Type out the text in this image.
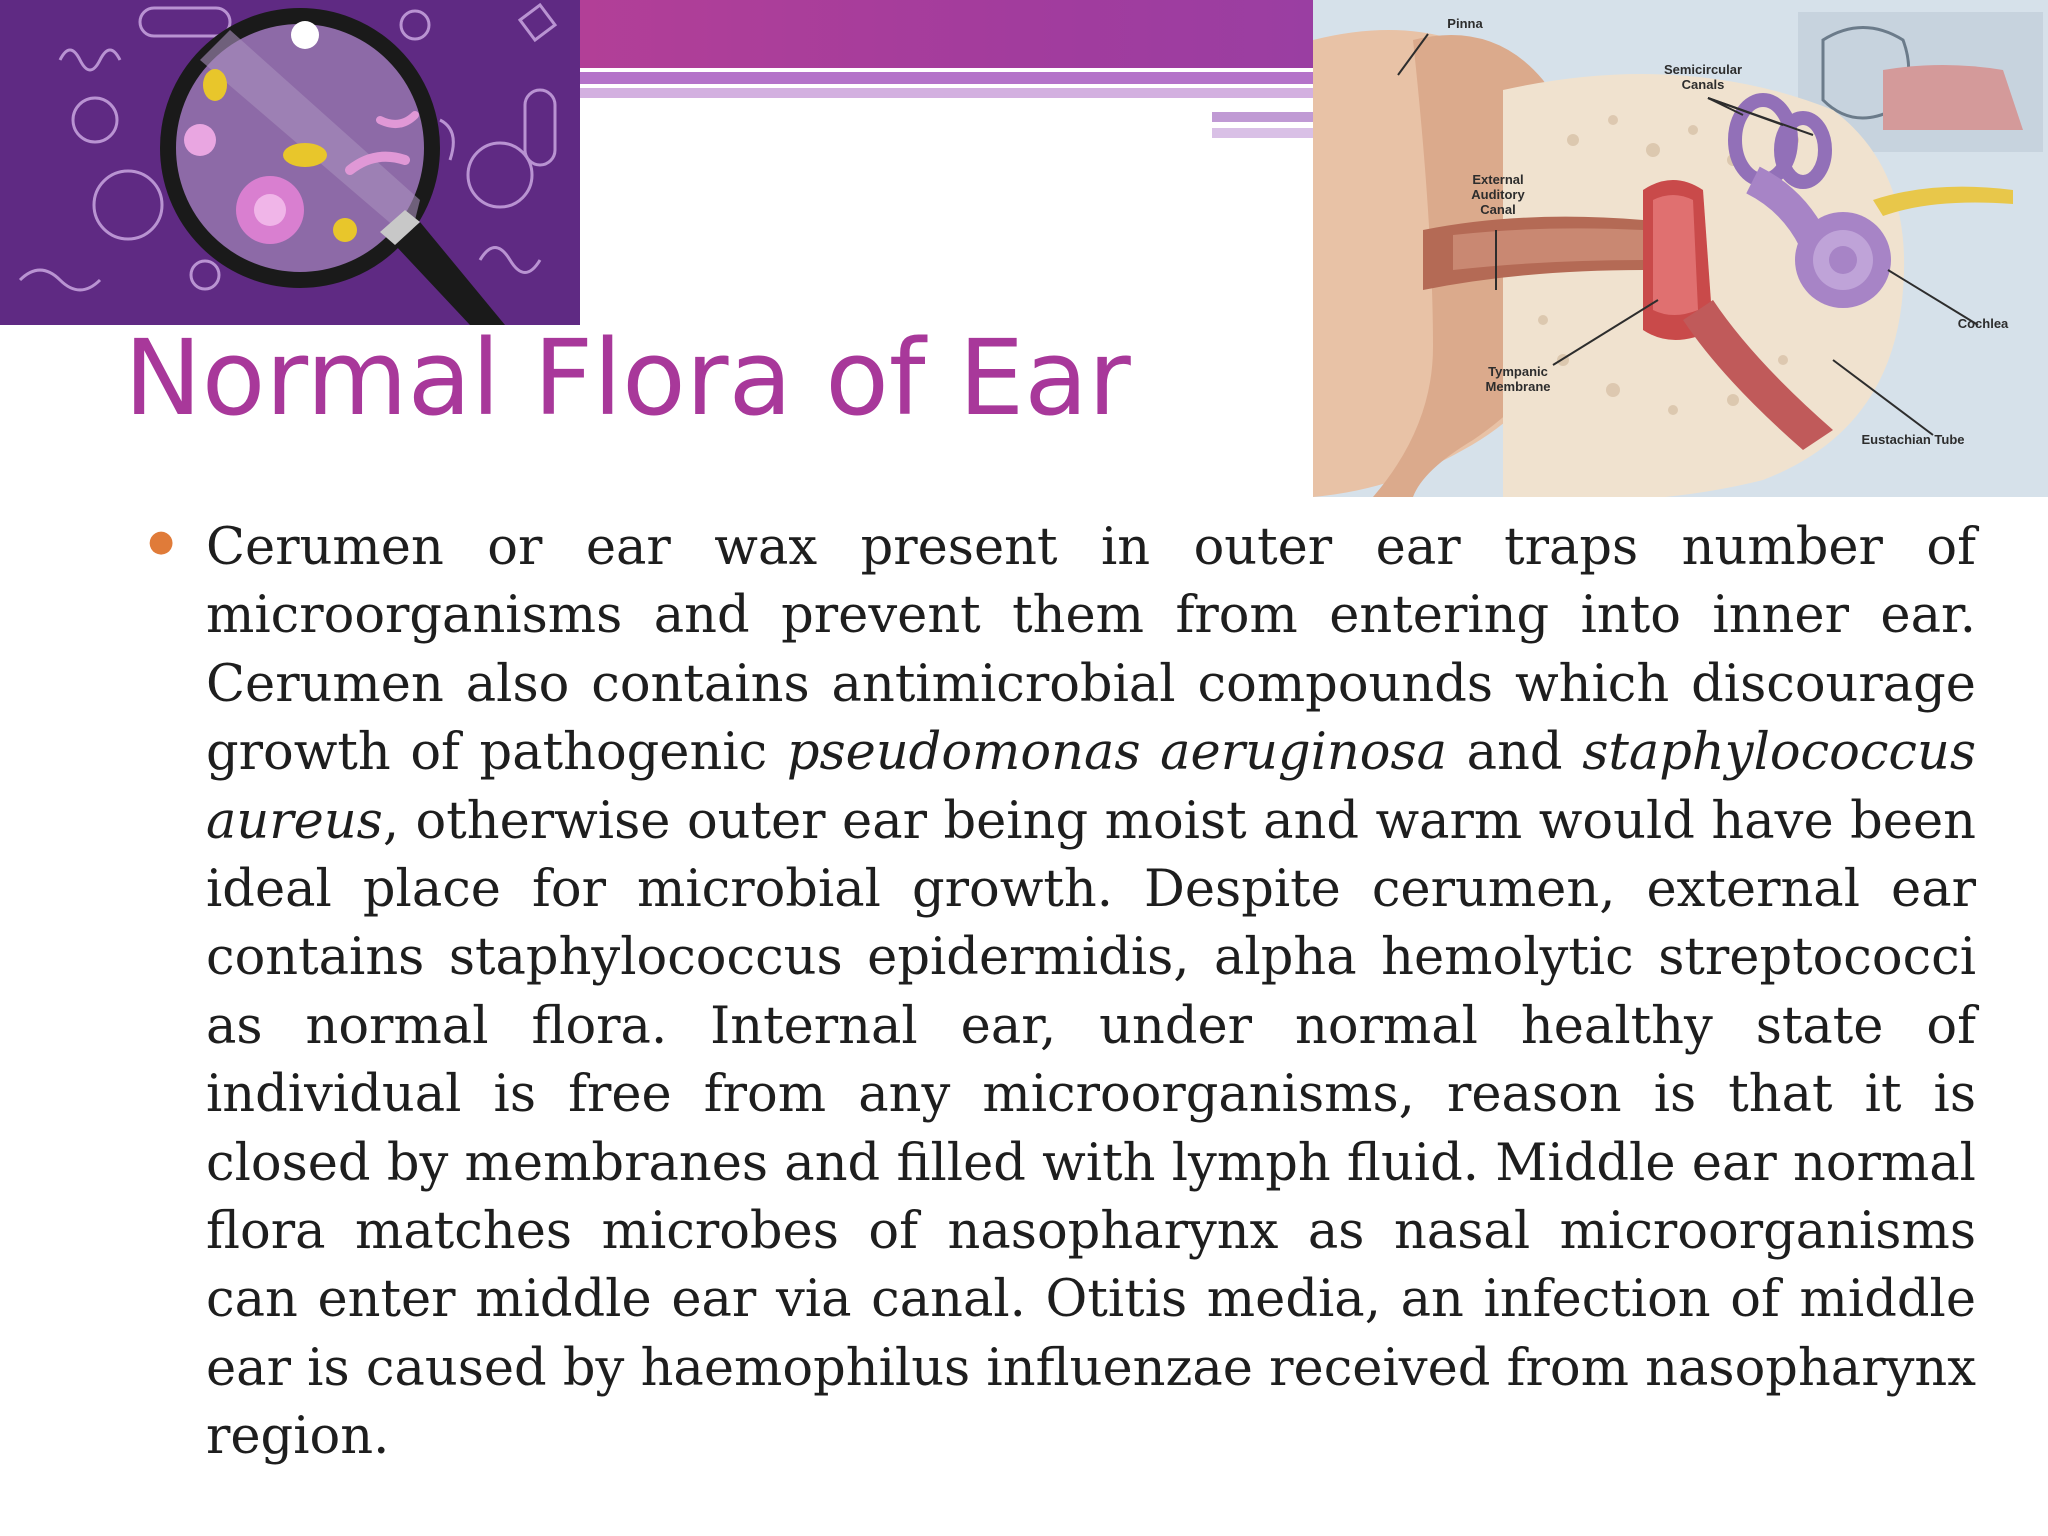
Pinna
Semicircular Canals
External Auditory Canal
Cochlea
Tympanic Membrane
Eustachian Tube
Normal Flora of Ear
● Cerumen or ear wax present in outer ear traps number of microorganisms and prevent them from entering into inner ear. Cerumen also contains antimicrobial compounds which discourage growth of pathogenic pseudomonas aeruginosa and staphylococcus aureus, otherwise outer ear being moist and warm would have been ideal place for microbial growth. Despite cerumen, external ear contains staphylococcus epidermidis, alpha hemolytic streptococci as normal flora. Internal ear, under normal healthy state of individual is free from any microorganisms, reason is that it is closed by membranes and filled with lymph fluid. Middle ear normal flora matches microbes of nasopharynx as nasal microorganisms can enter middle ear via canal. Otitis media, an infection of middle ear is caused by haemophilus influenzae received from nasopharynx region.
